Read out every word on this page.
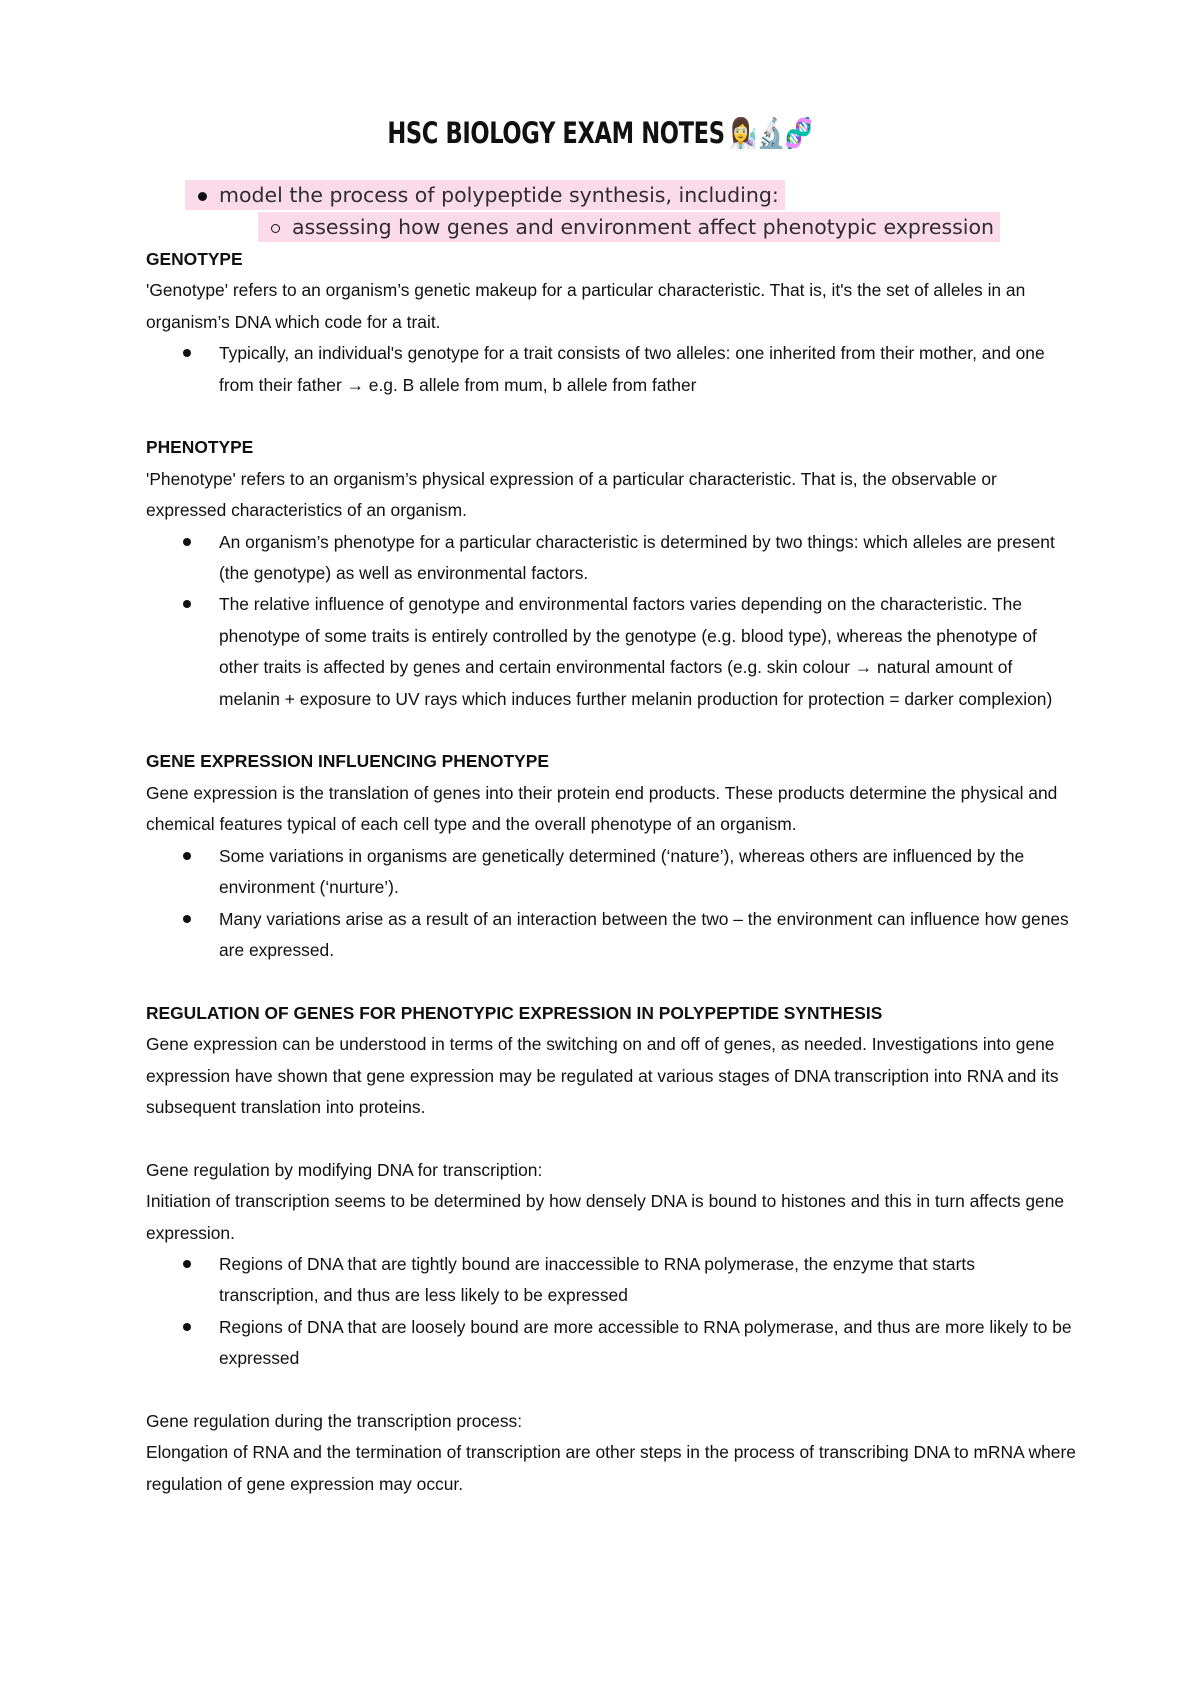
HSC BIOLOGY EXAM NOTES 👩‍🔬🔬🧬
model the process of polypeptide synthesis, including:
assessing how genes and environment affect phenotypic expression

GENOTYPE

'Genotype' refers to an organism’s genetic makeup for a particular characteristic. That is, it's the set of alleles in an organism’s DNA which code for a trait.

Typically, an individual's genotype for a trait consists of two alleles: one inherited from their mother, and one from their father → e.g. B allele from mum, b allele from father

PHENOTYPE

'Phenotype' refers to an organism’s physical expression of a particular characteristic. That is, the observable or expressed characteristics of an organism.

An organism’s phenotype for a particular characteristic is determined by two things: which alleles are present (the genotype) as well as environmental factors.
The relative influence of genotype and environmental factors varies depending on the characteristic. The phenotype of some traits is entirely controlled by the genotype (e.g. blood type), whereas the phenotype of other traits is affected by genes and certain environmental factors (e.g. skin colour → natural amount of melanin + exposure to UV rays which induces further melanin production for protection = darker complexion)

GENE EXPRESSION INFLUENCING PHENOTYPE

Gene expression is the translation of genes into their protein end products. These products determine the physical and chemical features typical of each cell type and the overall phenotype of an organism.

Some variations in organisms are genetically determined (‘nature’), whereas others are influenced by the environment (‘nurture’).
Many variations arise as a result of an interaction between the two – the environment can influence how genes are expressed.

REGULATION OF GENES FOR PHENOTYPIC EXPRESSION IN POLYPEPTIDE SYNTHESIS

Gene expression can be understood in terms of the switching on and off of genes, as needed. Investigations into gene expression have shown that gene expression may be regulated at various stages of DNA transcription into RNA and its subsequent translation into proteins.

Gene regulation by modifying DNA for transcription:

Initiation of transcription seems to be determined by how densely DNA is bound to histones and this in turn affects gene expression.

Regions of DNA that are tightly bound are inaccessible to RNA polymerase, the enzyme that starts transcription, and thus are less likely to be expressed
Regions of DNA that are loosely bound are more accessible to RNA polymerase, and thus are more likely to be expressed

Gene regulation during the transcription process:

Elongation of RNA and the termination of transcription are other steps in the process of transcribing DNA to mRNA where regulation of gene expression may occur.
